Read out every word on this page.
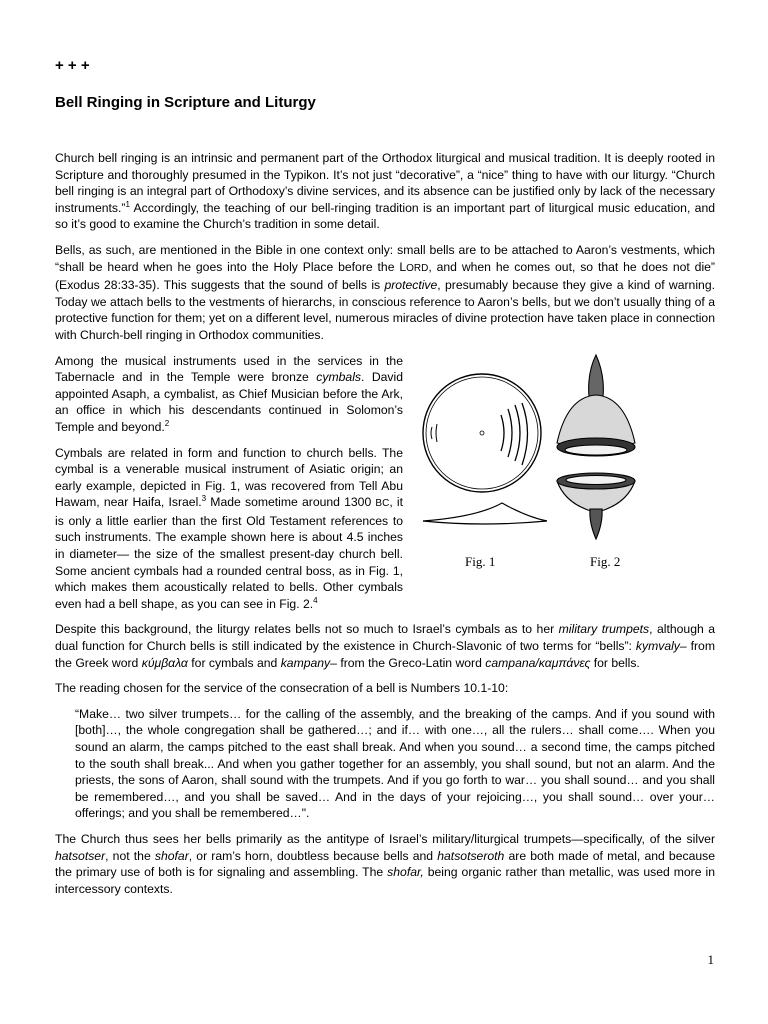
+ + +
Bell Ringing in Scripture and Liturgy

Church bell ringing is an intrinsic and permanent part of the Orthodox liturgical and musical tradition. It is deeply rooted in Scripture and thoroughly presumed in the Typikon. It’s not just “decorative”, a “nice” thing to have with our liturgy. “Church bell ringing is an integral part of Orthodoxy’s divine services, and its absence can be justified only by lack of the necessary instruments.”$^1$ Accordingly, the teaching of our bell-ringing tradition is an important part of liturgical music education, and so it’s good to examine the Church’s tradition in some detail.

Bells, as such, are mentioned in the Bible in one context only: small bells are to be attached to Aaron’s vestments, which “shall be heard when he goes into the Holy Place before the LORD, and when he comes out, so that he does not die” (Exodus 28:33-35). This suggests that the sound of bells is protective, presumably because they give a kind of warning. Today we attach bells to the vestments of hierarchs, in conscious reference to Aaron’s bells, but we don’t usually thing of a protective function for them; yet on a different level, numerous miracles of divine protection have taken place in connection with Church-bell ringing in Orthodox communities.

Fig. 1	Fig. 2

Among the musical instruments used in the services in the Tabernacle and in the Temple were bronze cymbals. David appointed Asaph, a cymbalist, as Chief Musician before the Ark, an office in which his descendants continued in Solomon’s Temple and beyond.$^2$

Cymbals are related in form and function to church bells. The cymbal is a venerable musical instrument of Asiatic origin; an early example, depicted in Fig. 1, was recovered from Tell Abu Hawam, near Haifa, Israel.$^3$ Made sometime around 1300 BC, it is only a little earlier than the first Old Testament references to such instruments. The example shown here is about 4.5 inches in diameter— the size of the smallest present-day church bell. Some ancient cymbals had a rounded central boss, as in Fig. 1, which makes them acoustically related to bells. Other cymbals even had a bell shape, as you can see in Fig. 2.$^4$

Despite this background, the liturgy relates bells not so much to Israel’s cymbals as to her military trumpets, although a dual function for Church bells is still indicated by the existence in Church-Slavonic of two terms for “bells”: kymvaly– from the Greek word κύμβαλα for cymbals and kampany– from the Greco-Latin word campana/καμπάνες for bells.

The reading chosen for the service of the consecration of a bell is Numbers 10.1-10:

“Make… two silver trumpets… for the calling of the assembly, and the breaking of the camps. And if you sound with [both]…, the whole congregation shall be gathered…; and if… with one…, all the rulers… shall come…. When you sound an alarm, the camps pitched to the east shall break. And when you sound… a second time, the camps pitched to the south shall break... And when you gather together for an assembly, you shall sound, but not an alarm. And the priests, the sons of Aaron, shall sound with the trumpets. And if you go forth to war… you shall sound… and you shall be remembered…, and you shall be saved… And in the days of your rejoicing…, you shall sound… over your… offerings; and you shall be remembered…".

The Church thus sees her bells primarily as the antitype of Israel’s military/liturgical trumpets—specifically, of the silver hatsotser, not the shofar, or ram’s horn, doubtless because bells and hatsotseroth are both made of metal, and because the primary use of both is for signaling and assembling. The shofar, being organic rather than metallic, was used more in intercessory contexts.

1
